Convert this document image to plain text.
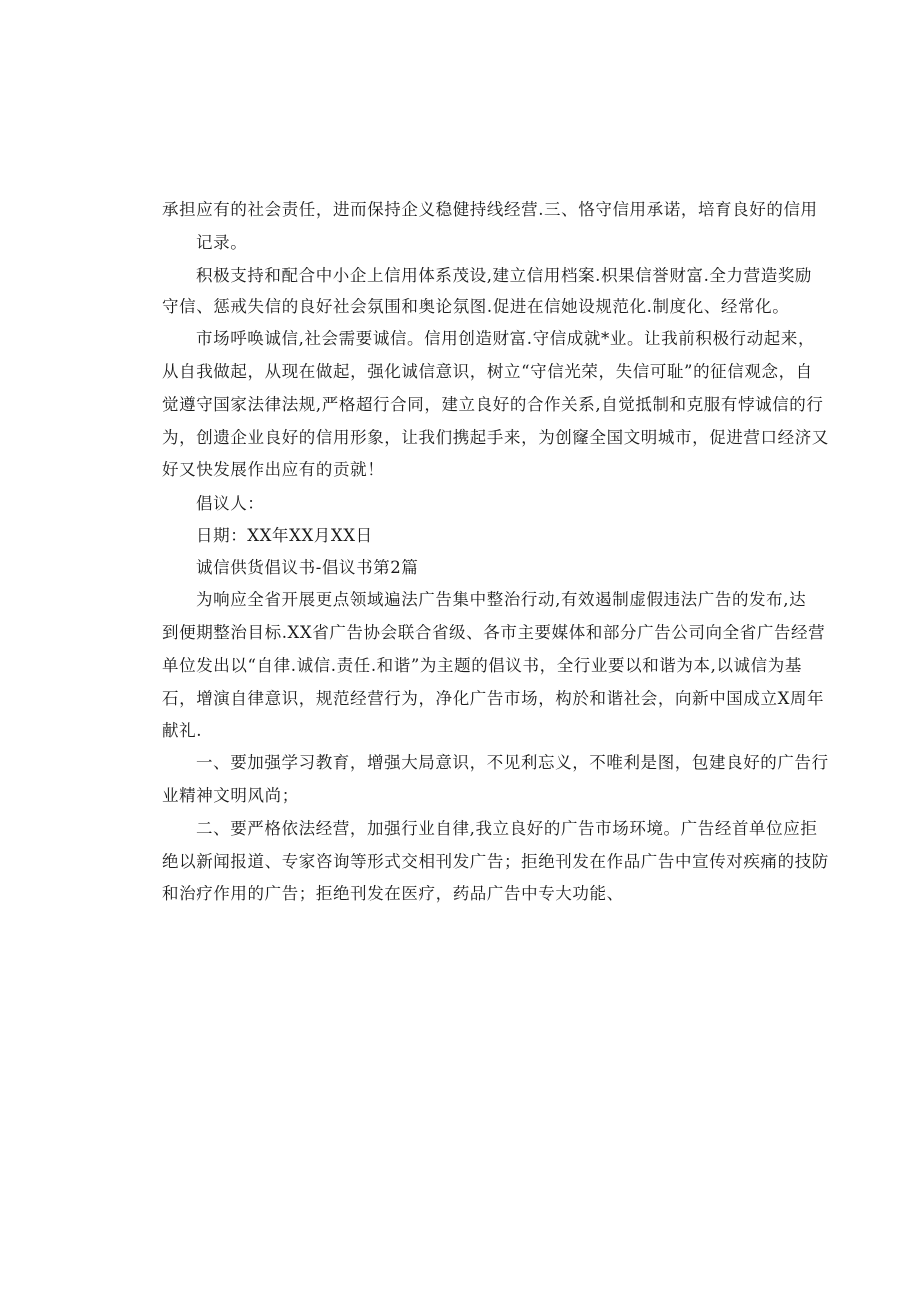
承担应有的社会责任，进而保持企义稳健持线经营.三、恪守信用承诺，培育良好的信用
记录。
积极支持和配合中小企上信用体系茂设,建立信用档案.枳果信誉财富.全力营造奖励
守信、惩戒失信的良好社会氛围和奥论氛图.促进在信她设规范化.制度化、经常化。
市场呼唤诚信,社会需要诚信。信用创造财富.守信成就*业。让我前积极行动起来，
从自我做起，从现在做起，强化诚信意识，树立“守信光荣，失信可耻”的征信观念，自
觉遵守国家法律法规,严格超行合同，建立良好的合作关系,自觉抵制和克服有悖诚信的行
为，创遗企业良好的信用形象，让我们携起手来，为创窿全国文明城市，促进营口经济又
好又快发展作出应有的贡就！
倡议人：
日期：XX年XX月XX日
诚信供货倡议书-倡议书第2篇
为响应全省开展更点领域遍法广告集中整治行动,有效遏制虚假违法广告的发布,达
到便期整治目标.XX省广告协会联合省级、各市主要媒体和部分广告公司向全省广告经营
单位发出以“自律.诚信.责任.和谐”为主题的倡议书，全行业要以和谐为本,以诚信为基
石，增演自律意识，规范经营行为，净化广告市场，构於和谐社会，向新中国成立X周年
献礼.
一、要加强学习教育，增强大局意识，不见利忘义，不唯利是图，包建良好的广告行
业精神文明风尚；
二、要严格依法经营，加强行业自律,我立良好的广告市场环境。广告经首单位应拒
绝以新闻报道、专家咨询等形式交相刊发广告；拒绝刊发在作品广告中宣传对疾痛的技防
和治疗作用的广告；拒绝刊发在医疗，药品广告中专大功能、
